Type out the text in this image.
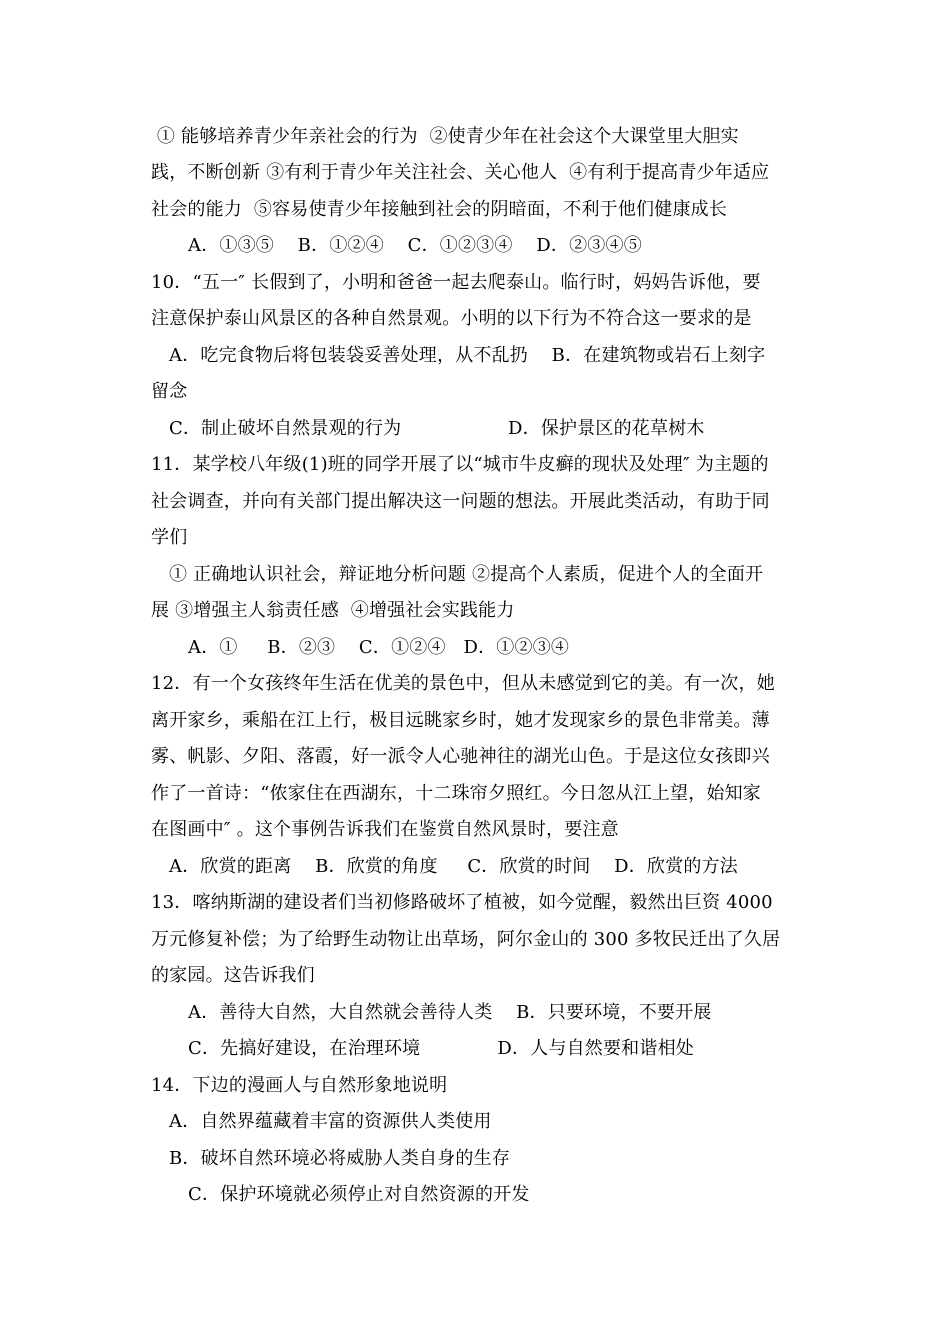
① 能够培养青少年亲社会的行为  ②使青少年在社会这个大课堂里大胆实
践，不断创新 ③有利于青少年关注社会、关心他人  ④有利于提高青少年适应
社会的能力  ⑤容易使青少年接触到社会的阴暗面，不利于他们健康成长
A．①③⑤    B．①②④    C．①②③④    D．②③④⑤
10．“五一″ 长假到了，小明和爸爸一起去爬泰山。临行时，妈妈告诉他，要
注意保护泰山风景区的各种自然景观。小明的以下行为不符合这一要求的是
A．吃完食物后将包装袋妥善处理，从不乱扔    B．在建筑物或岩石上刻字
留念
C．制止破坏自然景观的行为                  D．保护景区的花草树木
11．某学校八年级(1)班的同学开展了以“城市牛皮癣的现状及处理″ 为主题的
社会调查，并向有关部门提出解决这一问题的想法。开展此类活动，有助于同
学们
① 正确地认识社会，辩证地分析问题 ②提高个人素质，促进个人的全面开
展 ③增强主人翁责任感  ④增强社会实践能力
A．①     B．②③    C．①②④   D．①②③④
12．有一个女孩终年生活在优美的景色中，但从未感觉到它的美。有一次，她
离开家乡，乘船在江上行，极目远眺家乡时，她才发现家乡的景色非常美。薄
雾、帆影、夕阳、落霞，好一派令人心驰神往的湖光山色。于是这位女孩即兴
作了一首诗：“侬家住在西湖东，十二珠帘夕照红。今日忽从江上望，始知家
在图画中″ 。这个事例告诉我们在鉴赏自然风景时，要注意
A．欣赏的距离    B．欣赏的角度     C．欣赏的时间    D．欣赏的方法
13．喀纳斯湖的建设者们当初修路破坏了植被，如今觉醒，毅然出巨资 4000
万元修复补偿；为了给野生动物让出草场，阿尔金山的 300 多牧民迁出了久居
的家园。这告诉我们
A．善待大自然，大自然就会善待人类    B．只要环境，不要开展
C．先搞好建设，在治理环境             D．人与自然要和谐相处
14．下边的漫画人与自然形象地说明
A．自然界蕴藏着丰富的资源供人类使用
B．破坏自然环境必将威胁人类自身的生存
C．保护环境就必须停止对自然资源的开发
